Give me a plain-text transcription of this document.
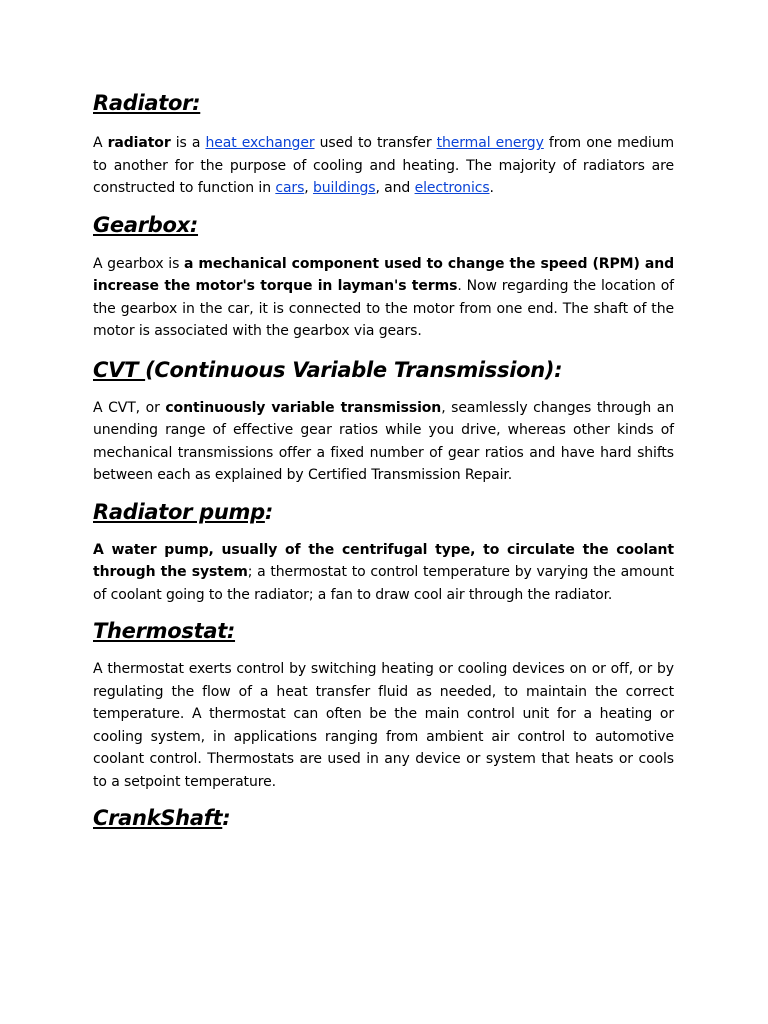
Radiator:

A radiator is a heat exchanger used to transfer thermal energy from one medium to another for the purpose of cooling and heating. The majority of radiators are constructed to function in cars, buildings, and electronics.

Gearbox:

A gearbox is a mechanical component used to change the speed (RPM) and increase the motor's torque in layman's terms. Now regarding the location of the gearbox in the car, it is connected to the motor from one end. The shaft of the motor is associated with the gearbox via gears.

CVT (Continuous Variable Transmission):

A CVT, or continuously variable transmission, seamlessly changes through an unending range of effective gear ratios while you drive, whereas other kinds of mechanical transmissions offer a fixed number of gear ratios and have hard shifts between each as explained by Certified Transmission Repair.

Radiator pump:

A water pump, usually of the centrifugal type, to circulate the coolant through the system; a thermostat to control temperature by varying the amount of coolant going to the radiator; a fan to draw cool air through the radiator.

Thermostat:

A thermostat exerts control by switching heating or cooling devices on or off, or by regulating the flow of a heat transfer fluid as needed, to maintain the correct temperature. A thermostat can often be the main control unit for a heating or cooling system, in applications ranging from ambient air control to automotive coolant control. Thermostats are used in any device or system that heats or cools to a setpoint temperature.

CrankShaft:
